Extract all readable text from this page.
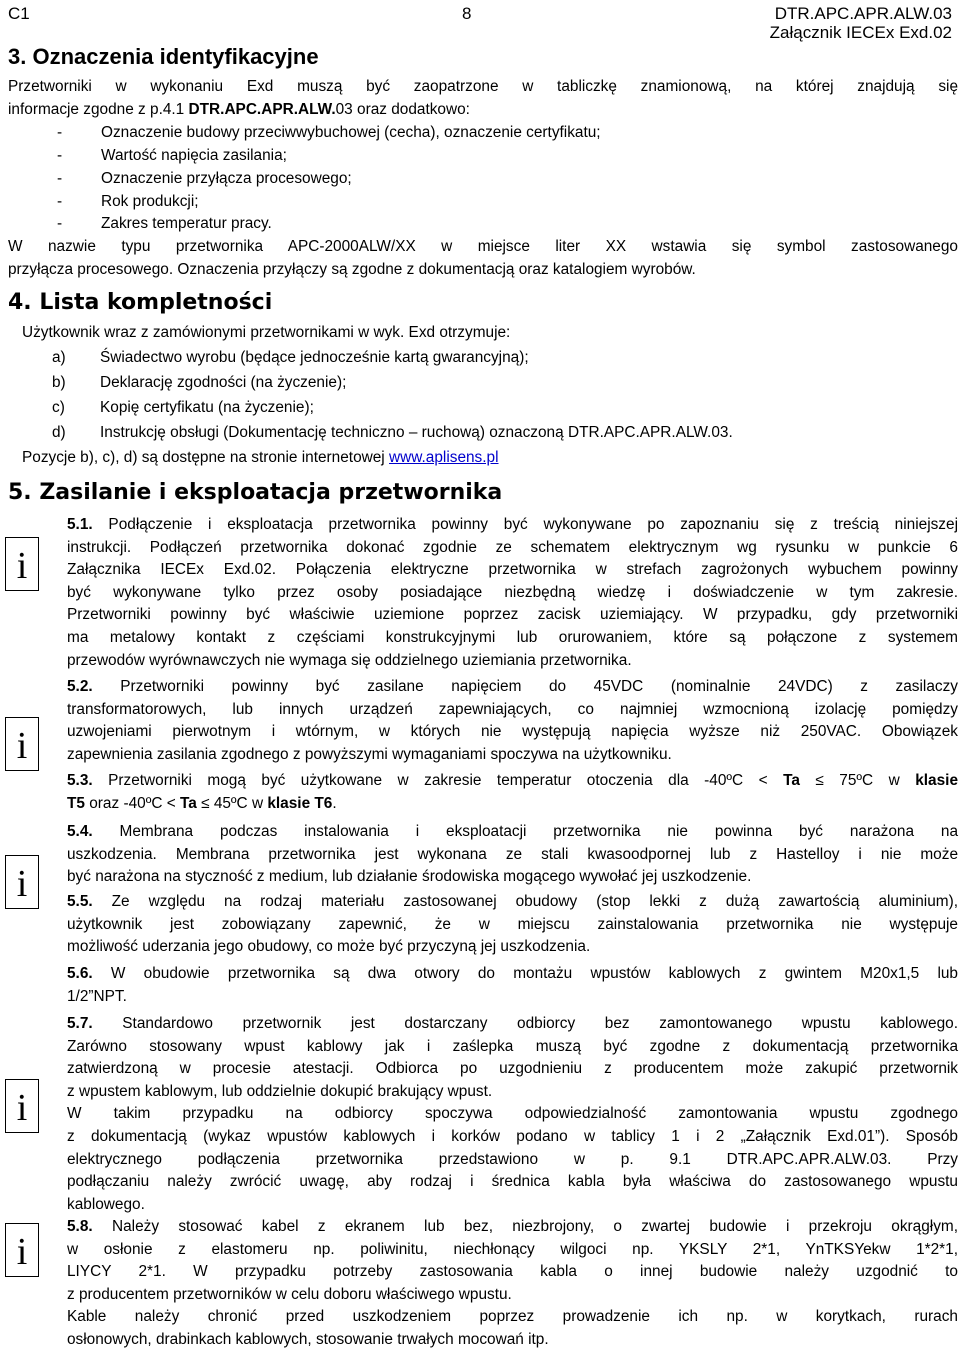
C1	8	DTR.APC.APR.ALW.03
Załącznik IECEx Exd.02
3. Oznaczenia identyfikacyjne

Przetworniki w wykonaniu Exd muszą być zaopatrzone w tabliczkę znamionową, na której znajdują się

informacje zgodne z p.4.1 DTR.APC.APR.ALW.03 oraz dodatkowo:

-	Oznaczenie budowy przeciwwybuchowej (cecha), oznaczenie certyfikatu;
-	Wartość napięcia zasilania;
-	Oznaczenie przyłącza procesowego;
-	Rok produkcji;
-	Zakres temperatur pracy.

W nazwie typu przetwornika APC-2000ALW/XX w miejsce liter XX wstawia się symbol zastosowanego

przyłącza procesowego. Oznaczenia przyłączy są zgodne z dokumentacją oraz katalogiem wyrobów.

4. Lista kompletności
Użytkownik wraz z zamówionymi przetwornikami w wyk. Exd otrzymuje:
a) Świadectwo wyrobu (będące jednocześnie kartą gwarancyjną);
b) Deklarację zgodności (na życzenie);
c) Kopię certyfikatu (na życzenie);
d) Instrukcję obsługi (Dokumentację techniczno – ruchową) oznaczoną DTR.APC.APR.ALW.03.
Pozycje b), c), d) są dostępne na stronie internetowej www.aplisens.pl
5. Zasilanie i eksploatacja przetwornika
i
i
i
i
i

5.1. Podłączenie i eksploatacja przetwornika powinny być wykonywane po zapoznaniu się z treścią niniejszej

instrukcji. Podłączeń przetwornika dokonać zgodnie ze schematem elektrycznym wg rysunku w punkcie 6

Załącznika IECEx Exd.02. Połączenia elektryczne przetwornika w strefach zagrożonych wybuchem powinny

być wykonywane tylko przez osoby posiadające niezbędną wiedzę i doświadczenie w tym zakresie.

Przetworniki powinny być właściwie uziemione poprzez zacisk uziemiający. W przypadku, gdy przetworniki

ma metalowy kontakt z częściami konstrukcyjnymi lub orurowaniem, które są połączone z systemem

przewodów wyrównawczych nie wymaga się oddzielnego uziemiania przetwornika.

5.2. Przetworniki powinny być zasilane napięciem do 45VDC (nominalnie 24VDC) z zasilaczy

transformatorowych, lub innych urządzeń zapewniających, co najmniej wzmocnioną izolację pomiędzy

uzwojeniami pierwotnym i wtórnym, w których nie występują napięcia wyższe niż 250VAC. Obowiązek

zapewnienia zasilania zgodnego z powyższymi wymaganiami spoczywa na użytkowniku.

5.3. Przetworniki mogą być użytkowane w zakresie temperatur otoczenia dla -40ºC < Ta ≤ 75ºC w klasie

T5 oraz -40ºC < Ta ≤ 45ºC w klasie T6.

5.4. Membrana podczas instalowania i eksploatacji przetwornika nie powinna być narażona na

uszkodzenia. Membrana przetwornika jest wykonana ze stali kwasoodpornej lub z Hastelloy i nie może

być narażona na styczność z medium, lub działanie środowiska mogącego wywołać jej uszkodzenie.

5.5. Ze względu na rodzaj materiału zastosowanej obudowy (stop lekki z dużą zawartością aluminium),

użytkownik jest zobowiązany zapewnić, że w miejscu zainstalowania przetwornika nie występuje

możliwość uderzania jego obudowy, co może być przyczyną jej uszkodzenia.

5.6. W obudowie przetwornika są dwa otwory do montażu wpustów kablowych z gwintem M20x1,5 lub

1/2”NPT.

5.7. Standardowo przetwornik jest dostarczany odbiorcy bez zamontowanego wpustu kablowego.

Zarówno stosowany wpust kablowy jak i zaślepka muszą być zgodne z dokumentacją przetwornika

zatwierdzoną w procesie atestacji. Odbiorca po uzgodnieniu z producentem może zakupić przetwornik

z wpustem kablowym, lub oddzielnie dokupić brakujący wpust.

W takim przypadku na odbiorcy spoczywa odpowiedzialność zamontowania wpustu zgodnego

z dokumentacją (wykaz wpustów kablowych i korków podano w tablicy 1 i 2 „Załącznik Exd.01”). Sposób

elektrycznego podłączenia przetwornika przedstawiono w p. 9.1 DTR.APC.APR.ALW.03. Przy

podłączaniu należy zwrócić uwagę, aby rodzaj i średnica kabla była właściwa do zastosowanego wpustu

kablowego.

5.8. Należy stosować kabel z ekranem lub bez, niezbrojony, o zwartej budowie i przekroju okrągłym,

w osłonie z elastomeru np. poliwinitu, niechłonący wilgoci np. YKSLY 2*1, YnTKSYekw 1*2*1,

LIYCY 2*1. W przypadku potrzeby zastosowania kabla o innej budowie należy uzgodnić to

z producentem przetworników w celu doboru właściwego wpustu.

Kable należy chronić przed uszkodzeniem poprzez prowadzenie ich np. w korytkach, rurach

osłonowych, drabinkach kablowych, stosowanie trwałych mocowań itp.
